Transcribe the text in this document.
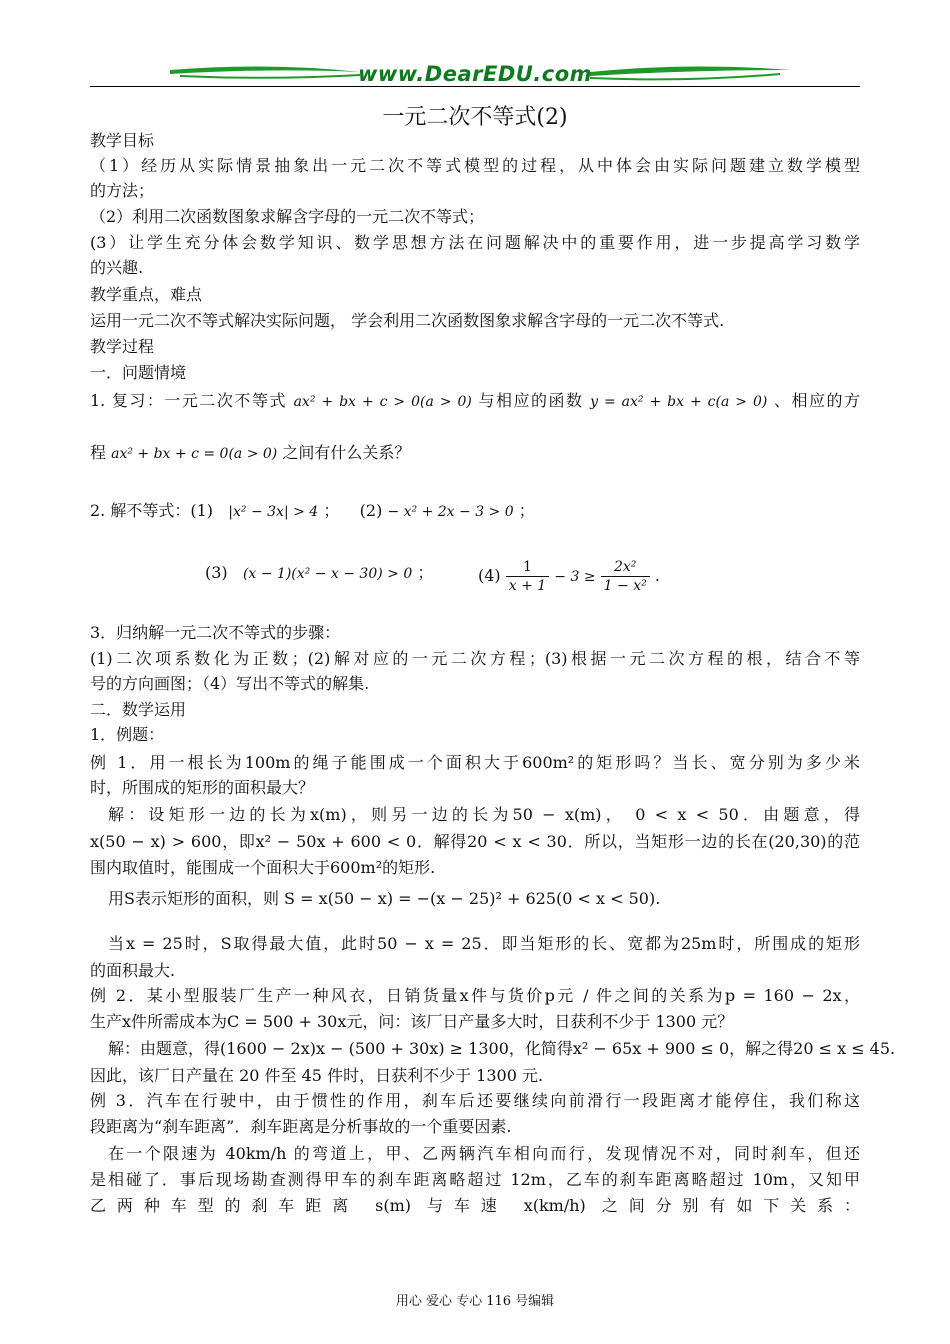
www.DearEDU.com
一元二次不等式(2)
教学目标
（1）经历从实际情景抽象出一元二次不等式模型的过程，从中体会由实际问题建立数学模型
的方法；
（2）利用二次函数图象求解含字母的一元二次不等式；
(3）让学生充分体会数学知识、数学思想方法在问题解决中的重要作用，进一步提高学习数学
的兴趣.
教学重点，难点
运用一元二次不等式解决实际问题， 学会利用二次函数图象求解含字母的一元二次不等式.
教学过程
一．问题情境
1. 复习：一元二次不等式 ax² + bx + c > 0(a > 0) 与相应的函数 y = ax² + bx + c(a > 0) 、相应的方
程 ax² + bx + c = 0(a > 0) 之间有什么关系？
2. 解不等式：(1) |x² − 3x| > 4 ； (2) − x² + 2x − 3 > 0 ；
(3) (x − 1)(x² − x − 30) > 0 ；	$(4) \frac{1}{x + 1} - 3 \ge \frac{\text{2x²}}{\text{1 − x²}}$ .
3．归纳解一元二次不等式的步骤：
(1)二次项系数化为正数；(2)解对应的一元二次方程；(3)根据一元二次方程的根，结合不等
号的方向画图；（4）写出不等式的解集.
二．数学运用
1．例题：
例 1．用一根长为100m的绳子能围成一个面积大于600m²的矩形吗？当长、宽分别为多少米
时，所围成的矩形的面积最大？
解：设矩形一边的长为x(m)，则另一边的长为50 − x(m)， 0 < x < 50．由题意，得
x(50 − x) > 600，即x² − 50x + 600 < 0．解得20 < x < 30．所以，当矩形一边的长在(20,30)的范
围内取值时，能围成一个面积大于600m²的矩形.
用S表示矩形的面积，则 S = x(50 − x) = −(x − 25)² + 625(0 < x < 50).
当x = 25时，S取得最大值，此时50 − x = 25．即当矩形的长、宽都为25m时，所围成的矩形
的面积最大.
例 2．某小型服装厂生产一种风衣，日销货量x件与货价p元 / 件之间的关系为p = 160 − 2x，
生产x件所需成本为C = 500 + 30x元，问：该厂日产量多大时，日获利不少于 1300 元？
解：由题意，得(1600 − 2x)x − (500 + 30x) ≥ 1300，化简得x² − 65x + 900 ≤ 0，解之得20 ≤ x ≤ 45.
因此，该厂日产量在 20 件至 45 件时，日获利不少于 1300 元.
例 3．汽车在行驶中，由于惯性的作用，刹车后还要继续向前滑行一段距离才能停住，我们称这
段距离为“刹车距离”．刹车距离是分析事故的一个重要因素.
在一个限速为 40km/h 的弯道上，甲、乙两辆汽车相向而行，发现情况不对，同时刹车，但还
是相碰了．事后现场勘查测得甲车的刹车距离略超过 12m，乙车的刹车距离略超过 10m，又知甲
乙两种车型的刹车距离 s(m) 与车速 x(km/h) 之间分别有如下关系：
用心 爱心 专心 116 号编辑
